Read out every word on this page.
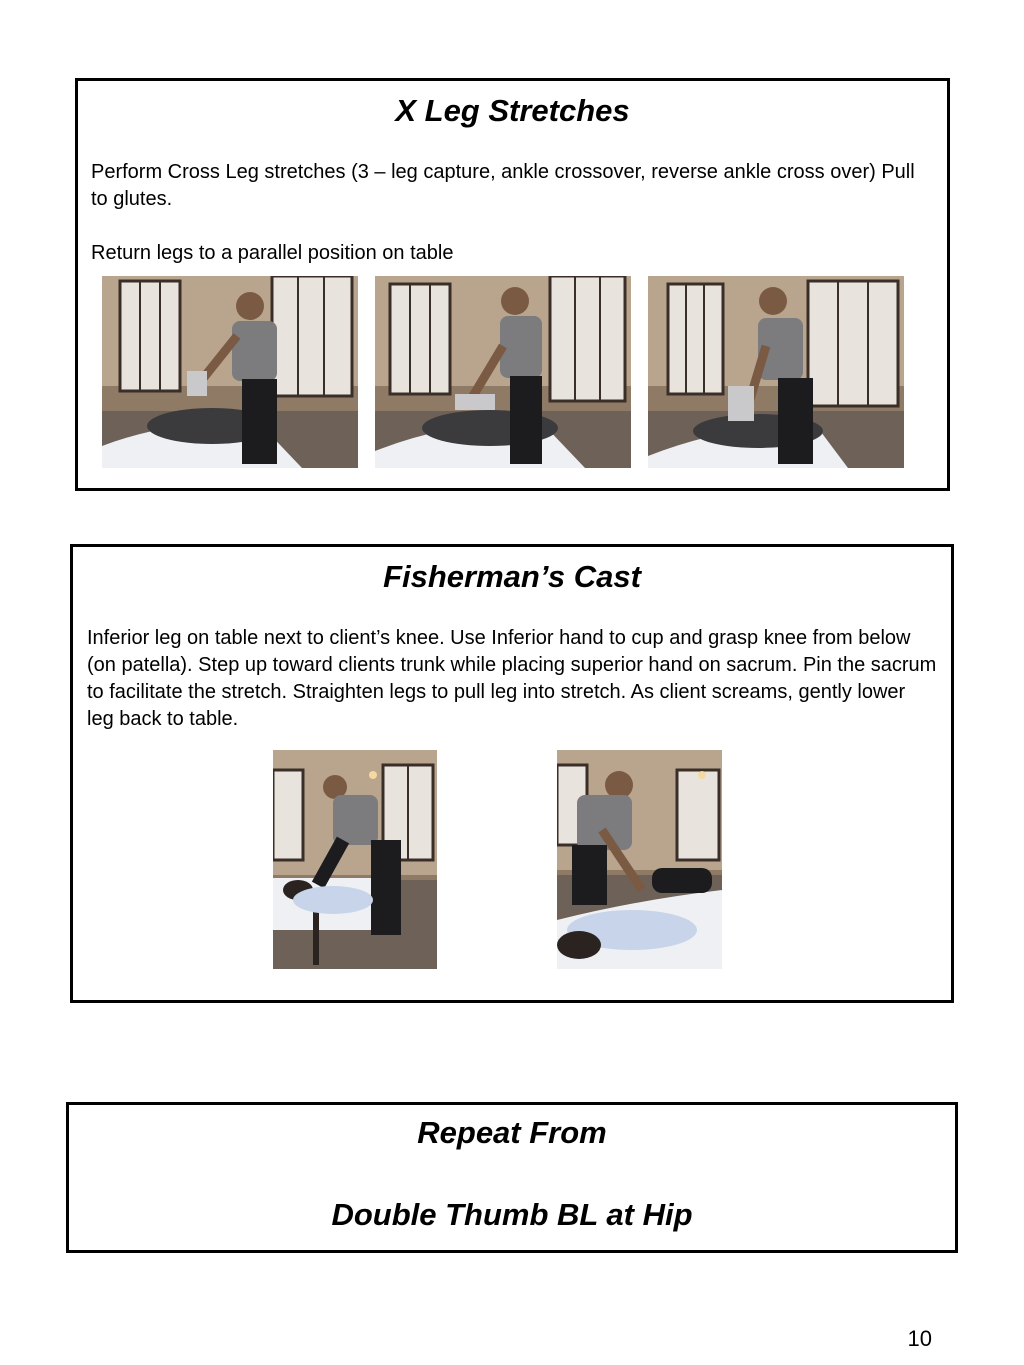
X Leg Stretches

Perform Cross Leg stretches (3 – leg capture, ankle crossover, reverse ankle cross over) Pull to glutes.

Return legs to a parallel position on table

Fisherman’s Cast

Inferior leg on table next to client’s knee. Use Inferior hand to cup and grasp knee from below (on patella). Step up toward clients trunk while placing superior hand on sacrum. Pin the sacrum to facilitate the stretch. Straighten legs to pull leg into stretch. As client screams, gently lower leg back to table.

Repeat From
Double Thumb BL at Hip
10
